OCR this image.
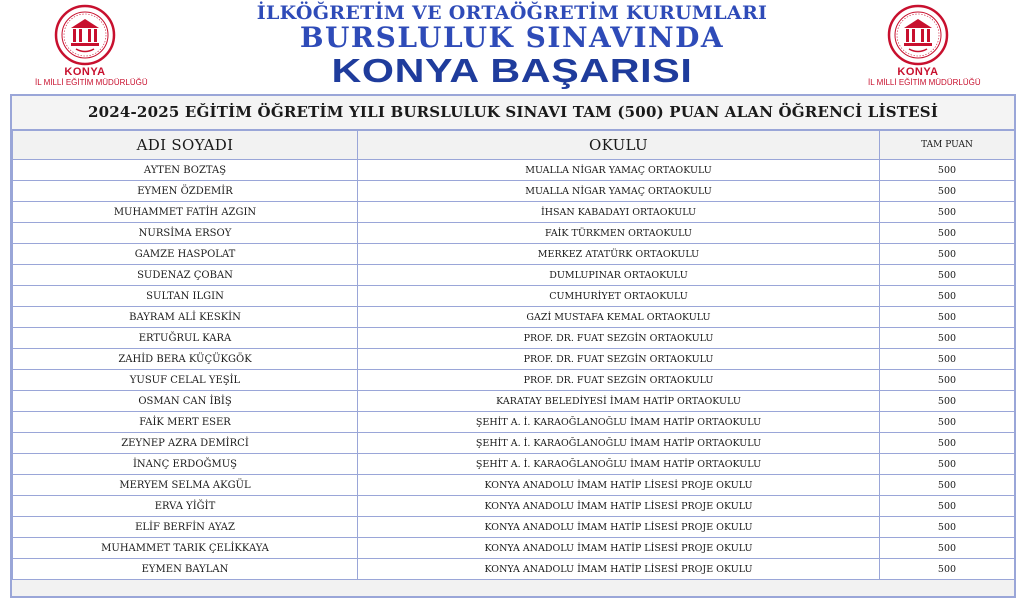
KONYA
İL MİLLİ EĞİTİM MÜDÜRLÜĞÜ
İLKÖĞRETİM VE ORTAÖĞRETİM KURUMLARI
BURSLULUK SINAVINDA
KONYA BAŞARISI	KONYA
İL MİLLİ EĞİTİM MÜDÜRLÜĞÜ
2024-2025 EĞİTİM ÖĞRETİM YILI BURSLULUK SINAVI TAM (500) PUAN ALAN ÖĞRENCİ LİSTESİ
ADI SOYADI	OKULU	TAM PUAN
AYTEN BOZTAŞ	MUALLA NİGAR YAMAÇ ORTAOKULU	500
EYMEN ÖZDEMİR	MUALLA NİGAR YAMAÇ ORTAOKULU	500
MUHAMMET FATİH AZGIN	İHSAN KABADAYI ORTAOKULU	500
NURSİMA ERSOY	FAİK TÜRKMEN ORTAOKULU	500
GAMZE HASPOLAT	MERKEZ ATATÜRK ORTAOKULU	500
SUDENAZ ÇOBAN	DUMLUPINAR ORTAOKULU	500
SULTAN ILGIN	CUMHURİYET ORTAOKULU	500
BAYRAM ALİ KESKİN	GAZİ MUSTAFA KEMAL ORTAOKULU	500
ERTUĞRUL KARA	PROF. DR. FUAT SEZGİN ORTAOKULU	500
ZAHİD BERA KÜÇÜKGÖK	PROF. DR. FUAT SEZGİN ORTAOKULU	500
YUSUF CELAL YEŞİL	PROF. DR. FUAT SEZGİN ORTAOKULU	500
OSMAN CAN İBİŞ	KARATAY BELEDİYESİ İMAM HATİP ORTAOKULU	500
FAİK MERT ESER	ŞEHİT A. İ. KARAOĞLANOĞLU İMAM HATİP ORTAOKULU	500
ZEYNEP AZRA DEMİRCİ	ŞEHİT A. İ. KARAOĞLANOĞLU İMAM HATİP ORTAOKULU	500
İNANÇ ERDOĞMUŞ	ŞEHİT A. İ. KARAOĞLANOĞLU İMAM HATİP ORTAOKULU	500
MERYEM SELMA AKGÜL	KONYA ANADOLU İMAM HATİP LİSESİ PROJE OKULU	500
ERVA YİĞİT	KONYA ANADOLU İMAM HATİP LİSESİ PROJE OKULU	500
ELİF BERFİN AYAZ	KONYA ANADOLU İMAM HATİP LİSESİ PROJE OKULU	500
MUHAMMET TARIK ÇELİKKAYA	KONYA ANADOLU İMAM HATİP LİSESİ PROJE OKULU	500
EYMEN BAYLAN	KONYA ANADOLU İMAM HATİP LİSESİ PROJE OKULU	500
